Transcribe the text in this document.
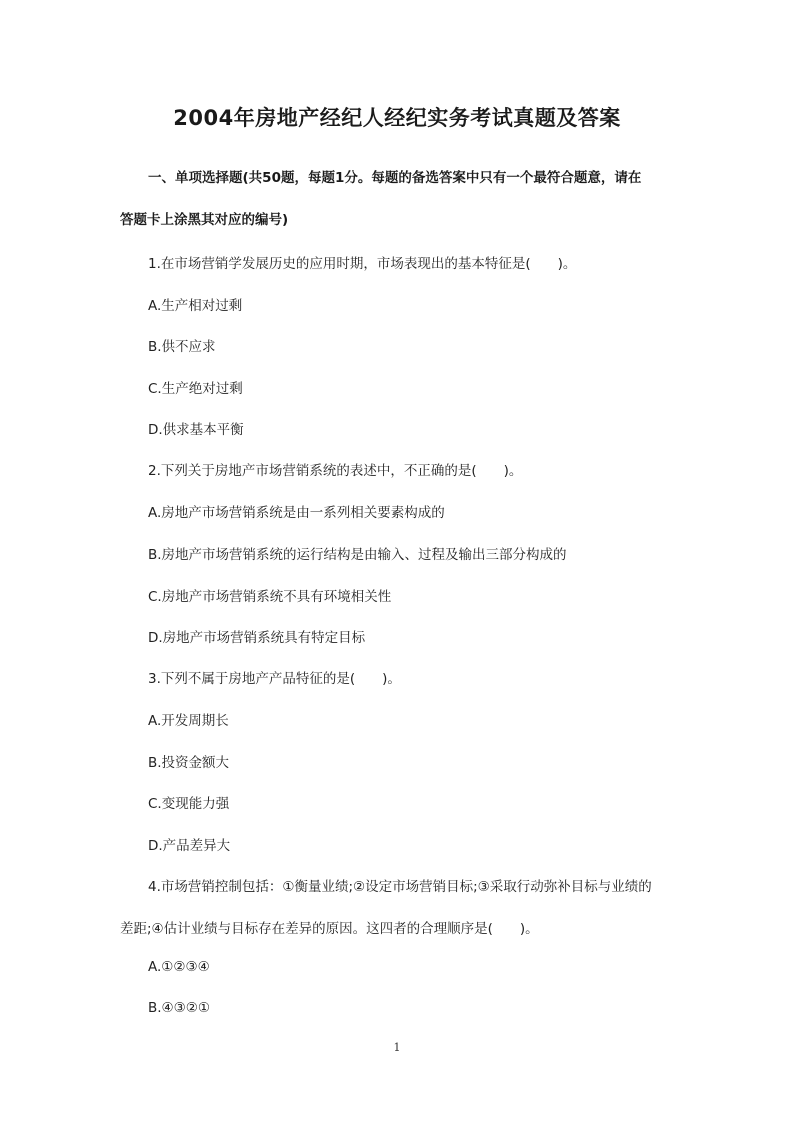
2004年房地产经纪人经纪实务考试真题及答案
一、单项选择题(共50题，每题1分。每题的备选答案中只有一个最符合题意，请在
答题卡上涂黑其对应的编号)
1.在市场营销学发展历史的应用时期，市场表现出的基本特征是(　　)。
A.生产相对过剩
B.供不应求
C.生产绝对过剩
D.供求基本平衡
2.下列关于房地产市场营销系统的表述中，不正确的是(　　)。
A.房地产市场营销系统是由一系列相关要素构成的
B.房地产市场营销系统的运行结构是由输入、过程及输出三部分构成的
C.房地产市场营销系统不具有环境相关性
D.房地产市场营销系统具有特定目标
3.下列不属于房地产产品特征的是(　　)。
A.开发周期长
B.投资金额大
C.变现能力强
D.产品差异大
4.市场营销控制包括：①衡量业绩;②设定市场营销目标;③采取行动弥补目标与业绩的
差距;④估计业绩与目标存在差异的原因。这四者的合理顺序是(　　)。
A.①②③④
B.④③②①
1
